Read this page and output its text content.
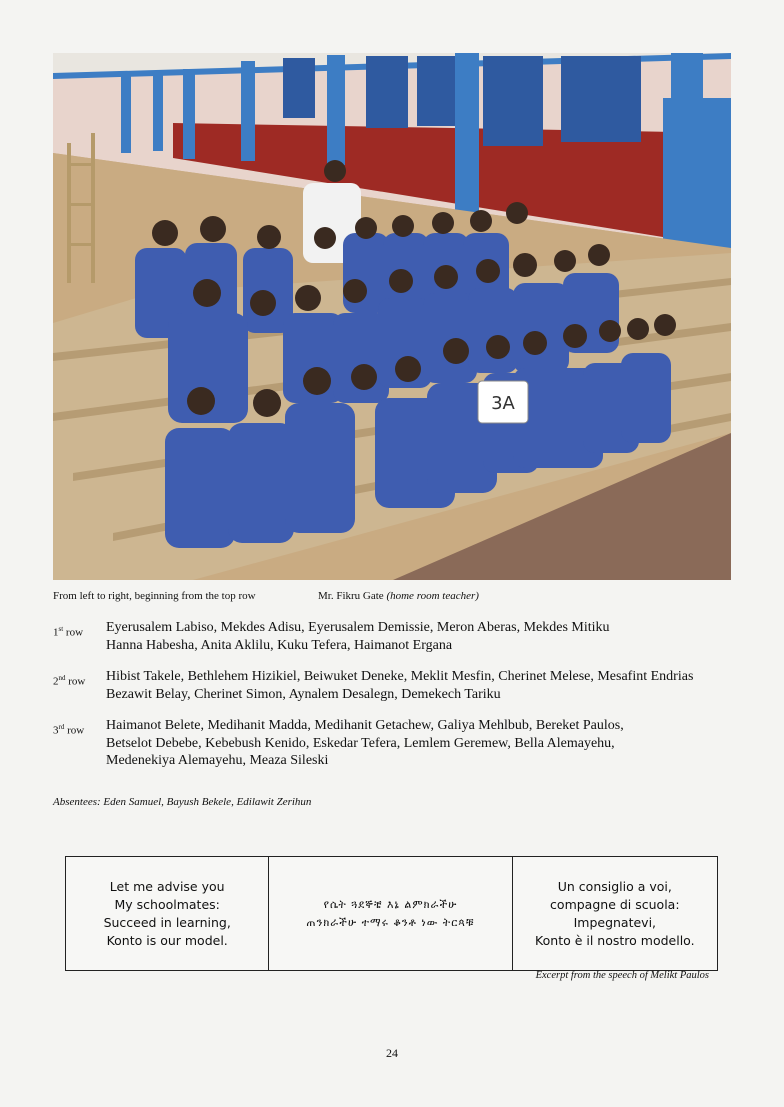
3A
From left to right, beginning from the top row	Mr. Fikru Gate (home room teacher)
1st row	Eyerusalem Labiso, Mekdes Adisu, Eyerusalem Demissie, Meron Aberas, Mekdes Mitiku
Hanna Habesha, Anita Aklilu, Kuku Tefera, Haimanot Ergana
2nd row	Hibist Takele, Bethlehem Hizikiel, Beiwuket Deneke, Meklit Mesfin, Cherinet Melese, Mesafint Endrias
Bezawit Belay, Cherinet Simon, Aynalem Desalegn, Demekech Tariku
3rd row	Haimanot Belete, Medihanit Madda, Medihanit Getachew, Galiya Mehlbub, Bereket Paulos,
Betselot Debebe, Kebebush Kenido, Eskedar Tefera, Lemlem Geremew, Bella Alemayehu,
Medenekiya Alemayehu, Meaza Sileski
Absentees: Eden Samuel, Bayush Bekele, Edilawit Zerihun
Let me advise you
My schoolmates:
Succeed in learning,
Konto is our model.
የሴት ጓደኞቼ እኔ ልምክራችሁ
ጠንክራችሁ ተማሩ ቆንቶ ነው ትርጳቹ
Un consiglio a voi,
compagne di scuola:
Impegnatevi,
Konto è il nostro modello.
Excerpt from the speech of Melikt Paulos
24
